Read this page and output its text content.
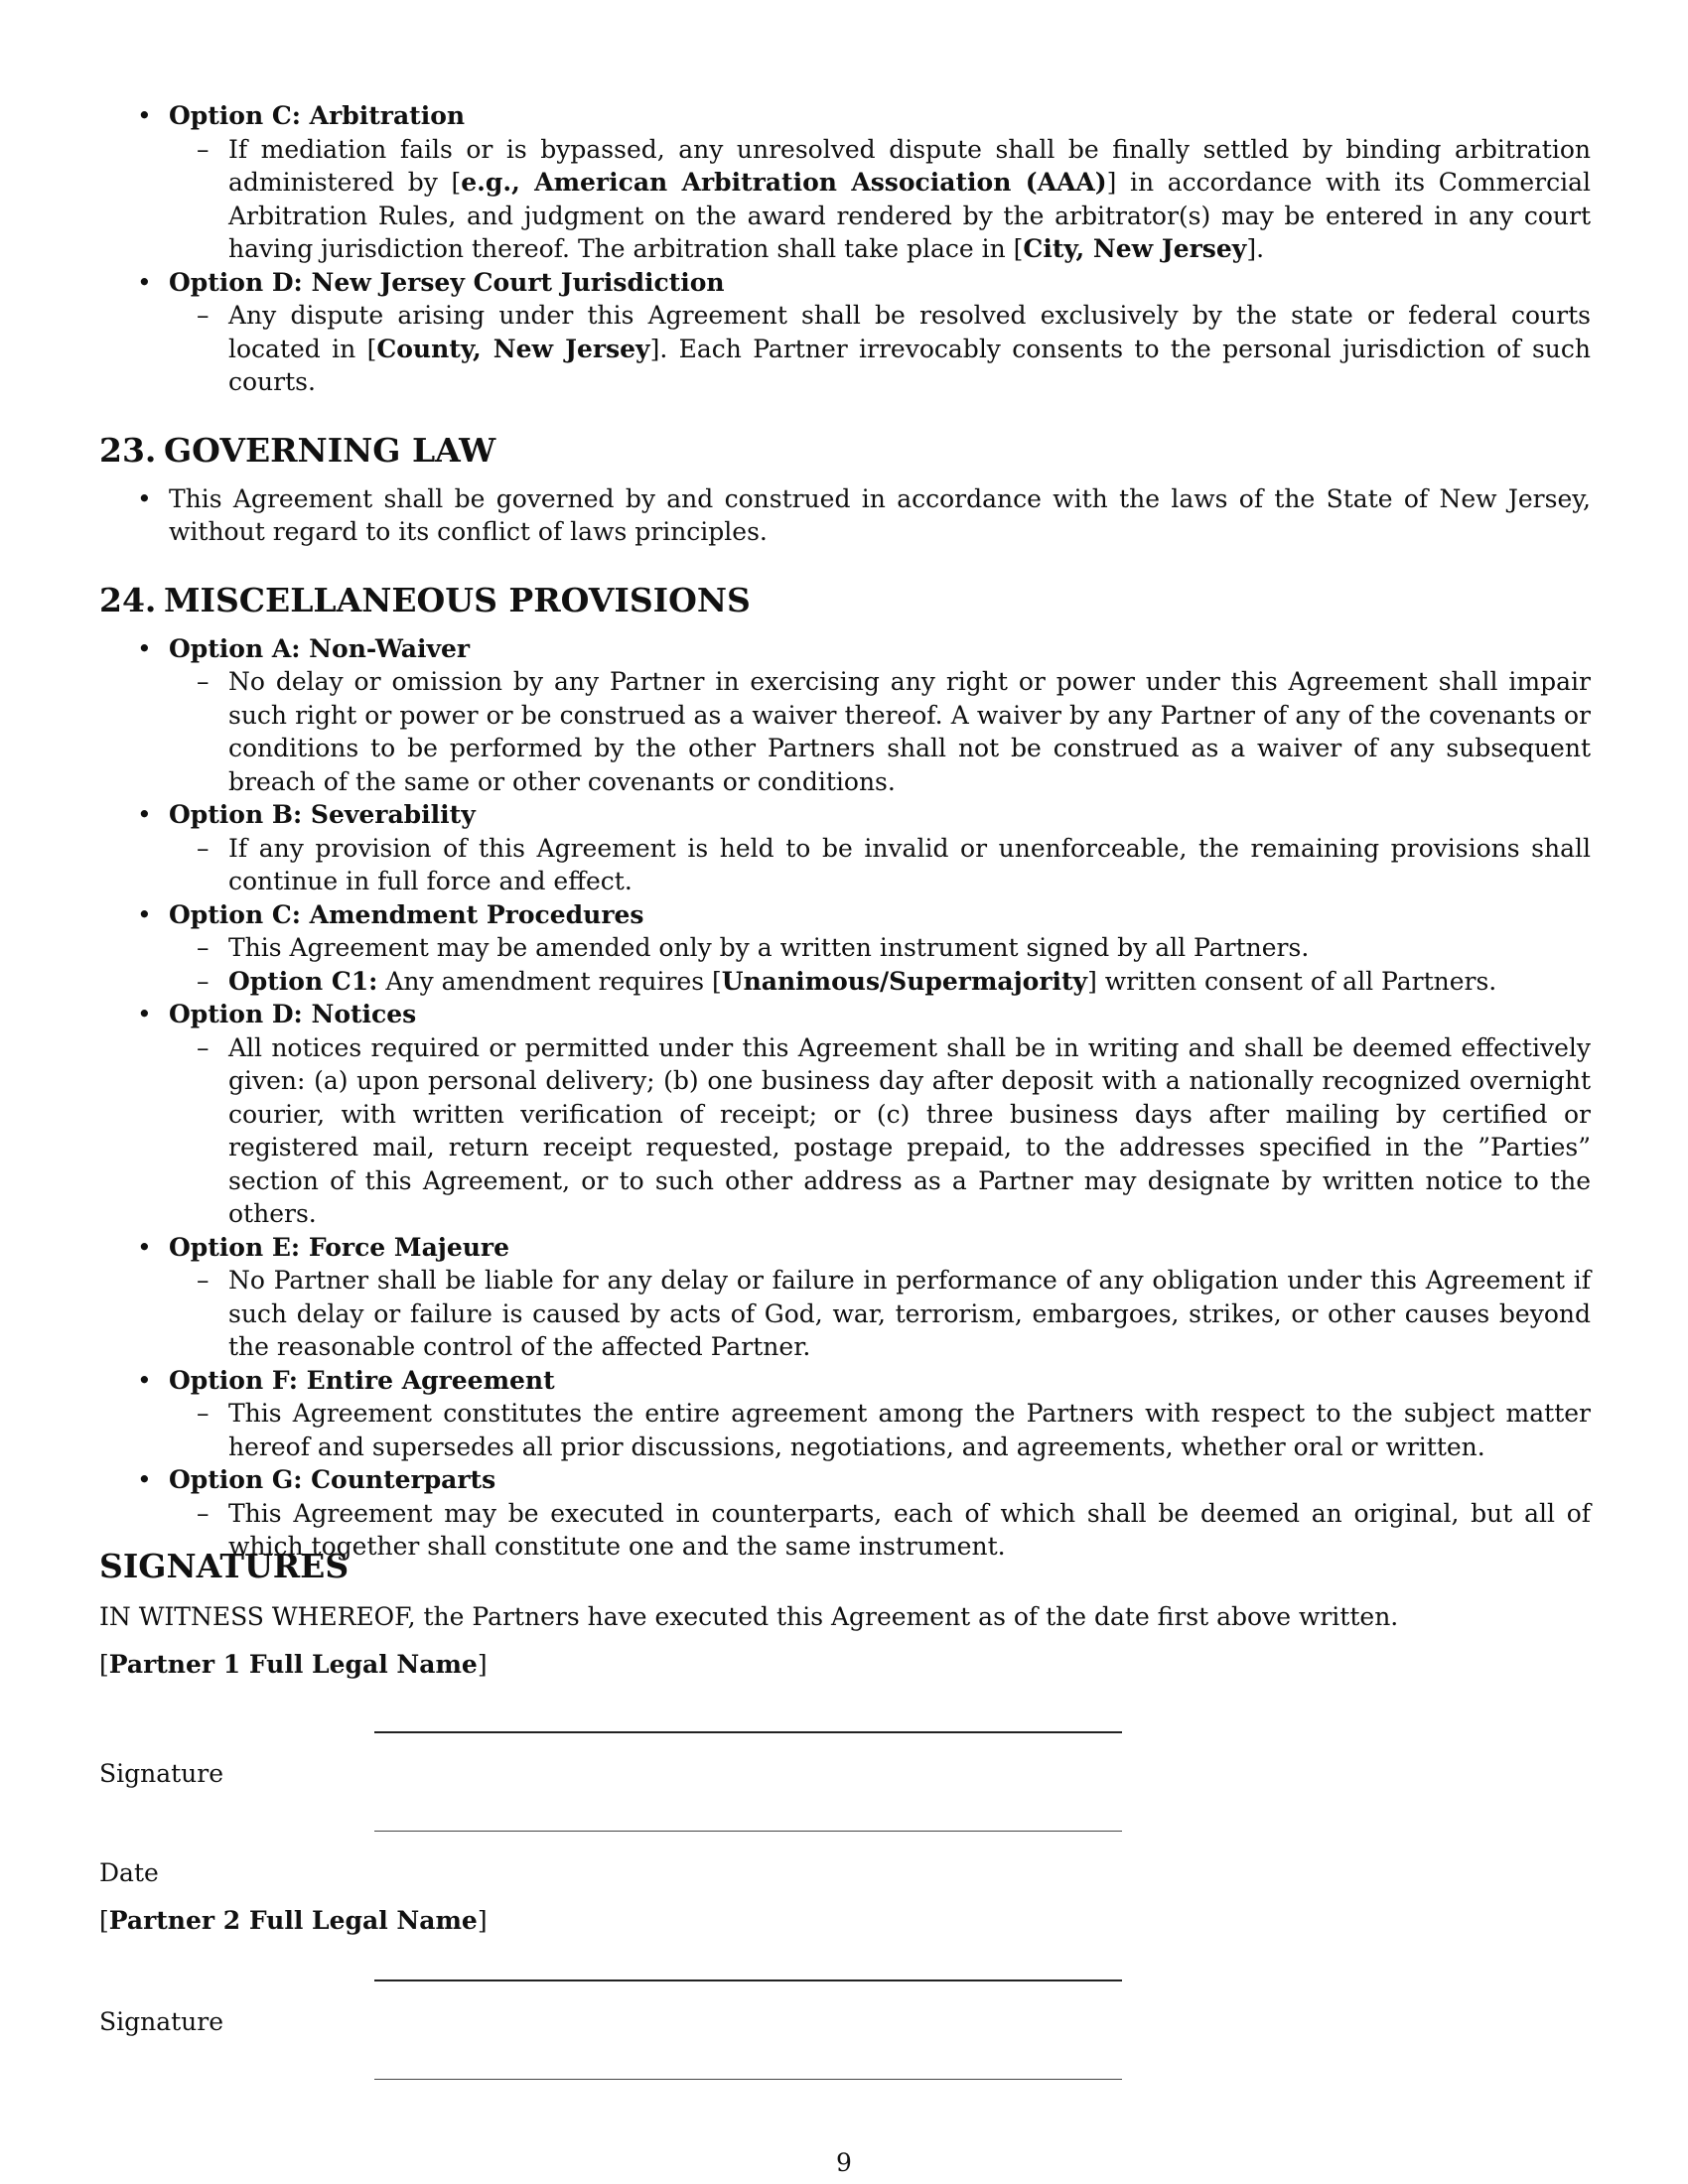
• Option C: Arbitration
– If mediation fails or is bypassed, any unresolved dispute shall be finally settled by binding arbitration administered by [e.g., American Arbitration Association (AAA)] in accordance with its Commercial Arbitration Rules, and judgment on the award rendered by the arbitrator(s) may be entered in any court having jurisdiction thereof. The arbitration shall take place in [City, New Jersey].
• Option D: New Jersey Court Jurisdiction
– Any dispute arising under this Agreement shall be resolved exclusively by the state or federal courts located in [County, New Jersey]. Each Partner irrevocably consents to the personal jurisdiction of such courts.
23. GOVERNING LAW
• This Agreement shall be governed by and construed in accordance with the laws of the State of New Jersey, without regard to its conflict of laws principles.
24. MISCELLANEOUS PROVISIONS
• Option A: Non-Waiver
– No delay or omission by any Partner in exercising any right or power under this Agreement shall impair such right or power or be construed as a waiver thereof. A waiver by any Partner of any of the covenants or conditions to be performed by the other Partners shall not be construed as a waiver of any subsequent breach of the same or other covenants or conditions.
• Option B: Severability
– If any provision of this Agreement is held to be invalid or unenforceable, the remaining provisions shall continue in full force and effect.
• Option C: Amendment Procedures
– This Agreement may be amended only by a written instrument signed by all Partners.
– Option C1: Any amendment requires [Unanimous/Supermajority] written consent of all Partners.
• Option D: Notices
– All notices required or permitted under this Agreement shall be in writing and shall be deemed effectively given: (a) upon personal delivery; (b) one business day after deposit with a nationally recognized overnight courier, with written verification of receipt; or (c) three business days after mailing by certified or registered mail, return receipt requested, postage prepaid, to the addresses specified in the ”Parties” section of this Agreement, or to such other address as a Partner may designate by written notice to the others.
• Option E: Force Majeure
– No Partner shall be liable for any delay or failure in performance of any obligation under this Agreement if such delay or failure is caused by acts of God, war, terrorism, embargoes, strikes, or other causes beyond the reasonable control of the affected Partner.
• Option F: Entire Agreement
– This Agreement constitutes the entire agreement among the Partners with respect to the subject matter hereof and supersedes all prior discussions, negotiations, and agreements, whether oral or written.
• Option G: Counterparts
– This Agreement may be executed in counterparts, each of which shall be deemed an original, but all of which together shall constitute one and the same instrument.
SIGNATURES

IN WITNESS WHEREOF, the Partners have executed this Agreement as of the date first above written.

[Partner 1 Full Legal Name]

Signature

Date

[Partner 2 Full Legal Name]

Signature

9
